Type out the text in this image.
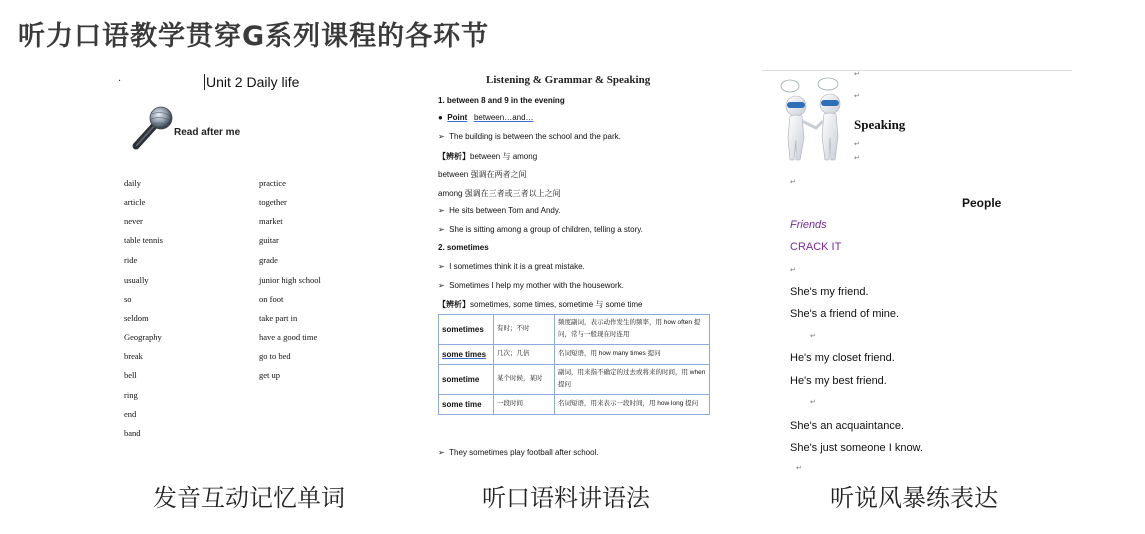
听力口语教学贯穿G系列课程的各环节
·	Unit 2 Daily life
Read after me
daily
article
never
table tennis
ride
usually
so
seldom
Geography
break
bell
ring
end
band
practice
together
market
guitar
grade
junior high school
on foot
take part in
have a good time
go to bed
get up
发音互动记忆单词
Listening & Grammar & Speaking
1. between 8 and 9 in the evening
●  Point between…and…
➢  The building is between the school and the park.
【辨析】between 与 among
between 强调在两者之间
among 强调在三者或三者以上之间
➢  He sits between Tom and Andy.
➢  She is sitting among a group of children, telling a story.
2. sometimes
➢  I sometimes think it is a great mistake.
➢  Sometimes I help my mother with the housework.
【辨析】sometimes, some times, sometime 与 some time
sometimes	有时；不时	频度副词，表示动作发生的频率，用 how often 提问，常与一般现在时连用
some times	几次；几倍	名词短语，用 how many times 提问
sometime	某个时候，某时	副词，用来指不确定的过去或将来的时间，用 when 提问
some time	一段时间	名词短语，用来表示一段时间，用 how long 提问
➢  They sometimes play football after school.
听口语料讲语法
Speaking
↵
↵
↵
↵
↵
People
Friends
CRACK IT
↵
She's my friend.
She's a friend of mine.
↵
He's my closet friend.
He's my best friend.
↵
She's an acquaintance.
She's just someone I know.
↵
听说风暴练表达
